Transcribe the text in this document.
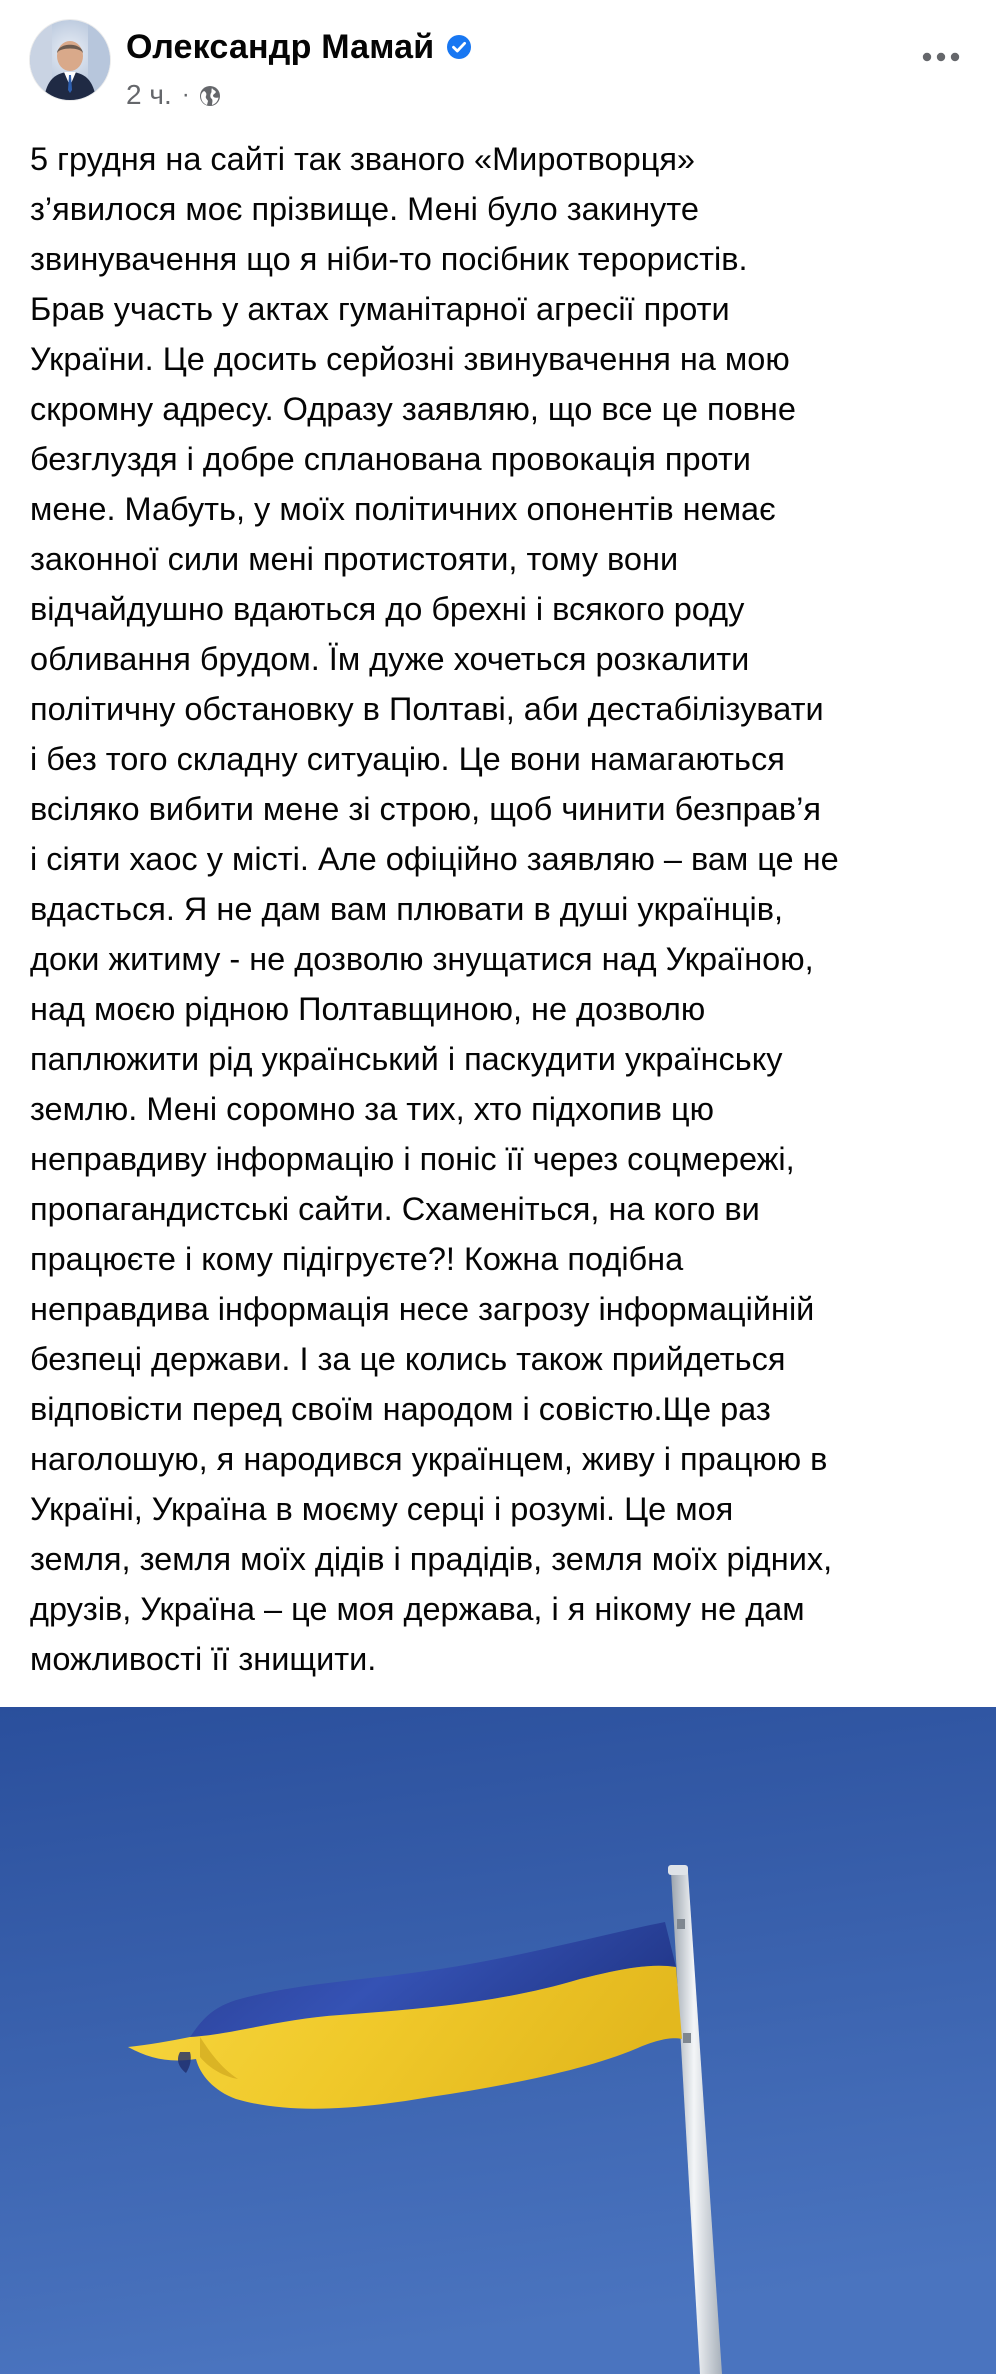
Олександр Мамай
2 ч. ·
5 грудня на сайті так званого «Миротворця»
з’явилося моє прізвище. Мені було закинуте
звинувачення що я ніби-то посібник терористів.
Брав участь у актах гуманітарної агресії проти
України. Це досить серйозні звинувачення на мою
скромну адресу. Одразу заявляю, що все це повне
безглуздя і добре спланована провокація проти
мене. Мабуть, у моїх політичних опонентів немає
законної сили мені протистояти, тому вони
відчайдушно вдаються до брехні і всякого роду
обливання брудом. Їм дуже хочеться розкалити
політичну обстановку в Полтаві, аби дестабілізувати
і без того складну ситуацію. Це вони намагаються
всіляко вибити мене зі строю, щоб чинити безправ’я
і сіяти хаос у місті. Але офіційно заявляю – вам це не
вдасться. Я не дам вам плювати в душі українців,
доки житиму - не дозволю знущатися над Україною,
над моєю рідною Полтавщиною, не дозволю
паплюжити рід український і паскудити українську
землю. Мені соромно за тих, хто підхопив цю
неправдиву інформацію і поніс її через соцмережі,
пропагандистські сайти. Схаменіться, на кого ви
працюєте і кому підігруєте?! Кожна подібна
неправдива інформація несе загрозу інформаційній
безпеці держави. І за це колись також прийдеться
відповісти перед своїм народом і совістю.Ще раз
наголошую, я народився українцем, живу і працюю в
Україні, Україна в моєму серці і розумі. Це моя
земля, земля моїх дідів і прадідів, земля моїх рідних,
друзів, Україна – це моя держава, і я нікому не дам
можливості її знищити.
